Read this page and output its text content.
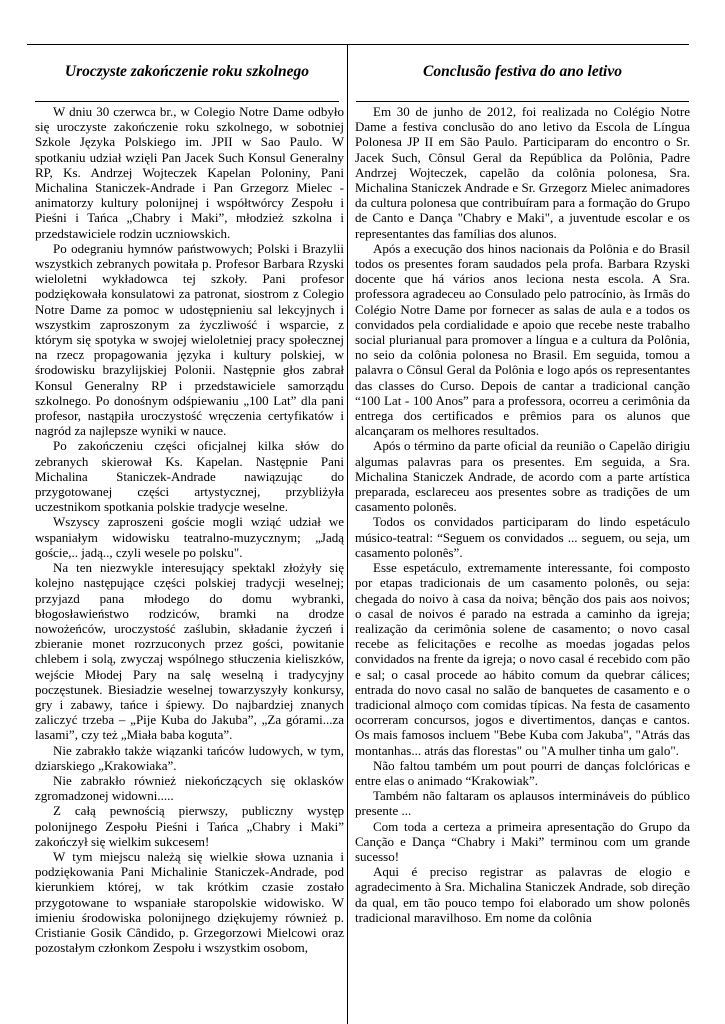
Uroczyste zakończenie roku szkolnego	Conclusão festiva do ano letivo

W dniu 30 czerwca br., w Colegio Notre Dame odbyło się uroczyste zakończenie roku szkolnego, w sobotniej Szkole Języka Polskiego im. JPII w Sao Paulo. W spotkaniu udział wzięli Pan Jacek Such Konsul Generalny RP, Ks. Andrzej Wojteczek Kapelan Poloniny, Pani Michalina Staniczek-Andrade i Pan Grzegorz Mielec - animatorzy kultury polonijnej i współtwórcy Zespołu i Pieśni i Tańca „Chabry i Maki”, młodzież szkolna i przedstawiciele rodzin uczniowskich.

Po odegraniu hymnów państwowych; Polski i Brazylii wszystkich zebranych powitała p. Profesor Barbara Rzyski wieloletni wykładowca tej szkoły. Pani profesor podziękowała konsulatowi za patronat, siostrom z Colegio Notre Dame za pomoc w udostępnieniu sal lekcyjnych i wszystkim zaproszonym za życzliwość i wsparcie, z którym się spotyka w swojej wieloletniej pracy społecznej na rzecz propagowania języka i kultury polskiej, w środowisku brazylijskiej Polonii. Następnie głos zabrał Konsul Generalny RP i przedstawiciele samorządu szkolnego. Po donośnym odśpiewaniu „100 Lat” dla pani profesor, nastąpiła uroczystość wręczenia certyfikatów i nagród za najlepsze wyniki w nauce.

Po zakończeniu części oficjalnej kilka słów do zebranych skierował Ks. Kapelan. Następnie Pani Michalina Staniczek-Andrade nawiązując do przygotowanej części artystycznej, przybliżyła uczestnikom spotkania polskie tradycje weselne.

Wszyscy zaproszeni goście mogli wziąć udział we wspaniałym widowisku teatralno-muzycznym; „Jadą goście,.. jadą.., czyli wesele po polsku".

Na ten niezwykle interesujący spektakl złożyły się kolejno następujące części polskiej tradycji weselnej; przyjazd pana młodego do domu wybranki, błogosławieństwo rodziców, bramki na drodze nowożeńców, uroczystość zaślubin, składanie życzeń i zbieranie monet rozrzuconych przez gości, powitanie chlebem i solą, zwyczaj wspólnego stłuczenia kieliszków, wejście Młodej Pary na salę weselną i tradycyjny poczęstunek. Biesiadzie weselnej towarzyszyły konkursy, gry i zabawy, tańce i śpiewy. Do najbardziej znanych zaliczyć trzeba – „Pije Kuba do Jakuba”, „Za górami...za lasami”, czy też „Miała baba koguta”.

Nie zabrakło także wiązanki tańców ludowych, w tym, dziarskiego „Krakowiaka”.

Nie zabrakło również niekończących się oklasków zgromadzonej widowni.....

Z całą pewnością pierwszy, publiczny występ polonijnego Zespołu Pieśni i Tańca „Chabry i Maki” zakończył się wielkim sukcesem!

W tym miejscu należą się wielkie słowa uznania i podziękowania Pani Michalinie Staniczek-Andrade, pod kierunkiem której, w tak krótkim czasie zostało przygotowane to wspaniałe staropolskie widowisko. W imieniu środowiska polonijnego dziękujemy również p. Cristianie Gosik Cândido, p. Grzegorzowi Mielcowi oraz pozostałym członkom Zespołu i wszystkim osobom,

Em 30 de junho de 2012, foi realizada no Colégio Notre Dame a festiva conclusão do ano letivo da Escola de Língua Polonesa JP II em São Paulo. Participaram do encontro o Sr. Jacek Such, Cônsul Geral da República da Polônia, Padre Andrzej Wojteczek, capelão da colônia polonesa, Sra. Michalina Staniczek Andrade e Sr. Grzegorz Mielec animadores da cultura polonesa que contribuíram para a formação do Grupo de Canto e Dança "Chabry e Maki", a juventude escolar e os representantes das famílias dos alunos.

Após a execução dos hinos nacionais da Polônia e do Brasil todos os presentes foram saudados pela profa. Barbara Rzyski docente que há vários anos leciona nesta escola. A Sra. professora agradeceu ao Consulado pelo patrocínio, às Irmãs do Colégio Notre Dame por fornecer as salas de aula e a todos os convidados pela cordialidade e apoio que recebe neste trabalho social plurianual para promover a língua e a cultura da Polônia, no seio da colônia polonesa no Brasil. Em seguida, tomou a palavra o Cônsul Geral da Polônia e logo após os representantes das classes do Curso. Depois de cantar a tradicional canção “100 Lat - 100 Anos” para a professora, ocorreu a cerimônia da entrega dos certificados e prêmios para os alunos que alcançaram os melhores resultados.

Após o término da parte oficial da reunião o Capelão dirigiu algumas palavras para os presentes. Em seguida, a Sra. Michalina Staniczek Andrade, de acordo com a parte artística preparada, esclareceu aos presentes sobre as tradições de um casamento polonês.

Todos os convidados participaram do lindo espetáculo músico-teatral: “Seguem os convidados ... seguem, ou seja, um casamento polonês”.

Esse espetáculo, extremamente interessante, foi composto por etapas tradicionais de um casamento polonês, ou seja: chegada do noivo à casa da noiva; bênção dos pais aos noivos; o casal de noivos é parado na estrada a caminho da igreja; realização da cerimônia solene de casamento; o novo casal recebe as felicitações e recolhe as moedas jogadas pelos convidados na frente da igreja; o novo casal é recebido com pão e sal; o casal procede ao hábito comum da quebrar cálices; entrada do novo casal no salão de banquetes de casamento e o tradicional almoço com comidas típicas. Na festa de casamento ocorreram concursos, jogos e divertimentos, danças e cantos. Os mais famosos incluem "Bebe Kuba com Jakuba", "Atrás das montanhas... atrás das florestas" ou "A mulher tinha um galo".

Não faltou também um pout pourri de danças folclóricas e entre elas o animado “Krakowiak”.

Também não faltaram os aplausos intermináveis do público presente ...

Com toda a certeza a primeira apresentação do Grupo da Canção e Dança “Chabry i Maki” terminou com um grande sucesso!

Aqui é preciso registrar as palavras de elogio e agradecimento à Sra. Michalina Staniczek Andrade, sob direção da qual, em tão pouco tempo foi elaborado um show polonês tradicional maravilhoso. Em nome da colônia
